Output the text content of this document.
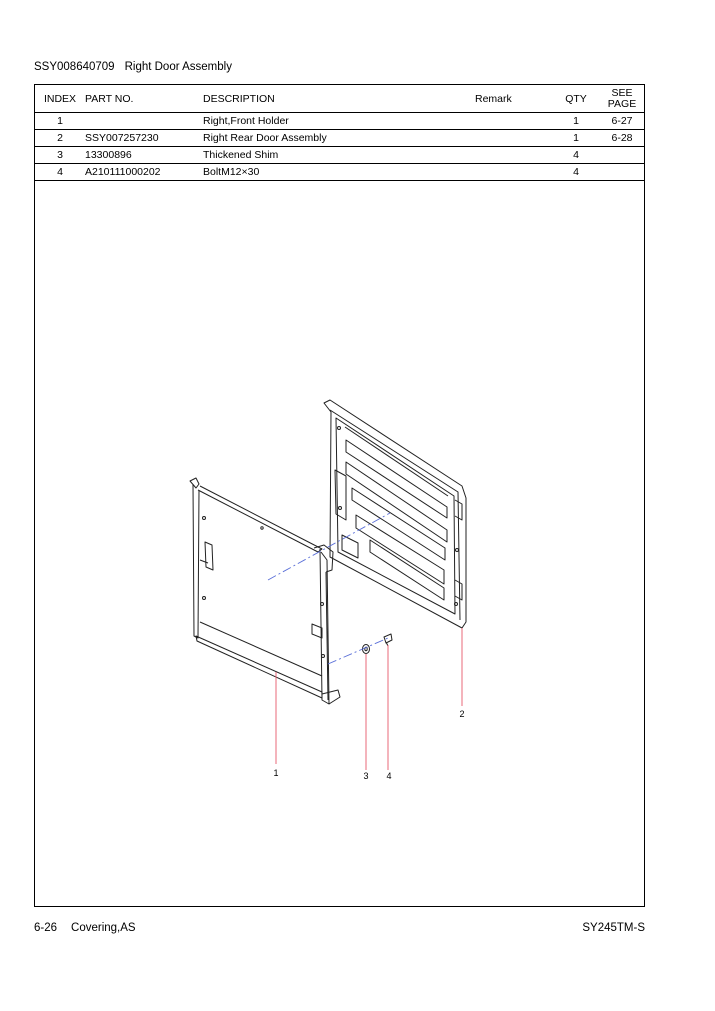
SSY008640709 Right Door Assembly
INDEX	PART NO.	DESCRIPTION	Remark	QTY	SEE
PAGE
1		Right,Front Holder		1	6-27
2	SSY007257230	Right Rear Door Assembly		1	6-28
3	13300896	Thickened Shim		4	
4	A210111000202	BoltM12×30		4	
1
2
3 4
6-26 Covering,AS	SY245TM-S
